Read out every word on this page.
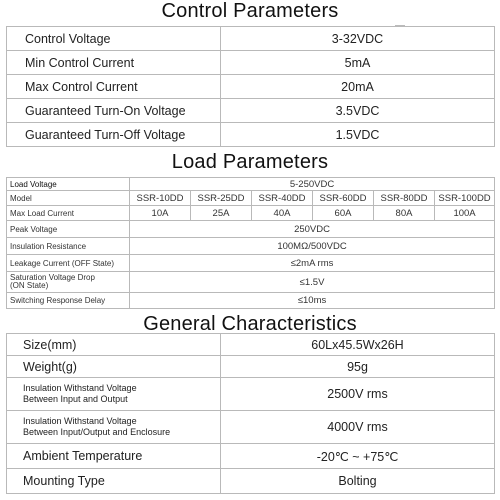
Control Parameters
Control Voltage	3-32VDC
Min Control Current	5mA
Max Control Current	20mA
Guaranteed Turn-On Voltage	3.5VDC
Guaranteed Turn-Off Voltage	1.5VDC
Load Parameters
Load Voltage	5-250VDC					
Model	SSR-10DD	SSR-25DD	SSR-40DD	SSR-60DD	SSR-80DD	SSR-100DD
Max Load Current	10A	25A	40A	60A	80A	100A
Peak Voltage	250VDC					
Insulation Resistance	100MΩ/500VDC					
Leakage Current (OFF State)	≤2mA rms					

Saturation Voltage Drop
(ON State)	≤1.5V					
Switching Response Delay	≤10ms					
General Characteristics
Size(mm)	60Lx45.5Wx26H
Weight(g)	95g

Insulation Withstand Voltage
Between Input and Output	2500V rms

Insulation Withstand Voltage
Between Input/Output and Enclosure	4000V rms
Ambient Temperature	-20℃ ~ +75℃
Mounting Type	Bolting
